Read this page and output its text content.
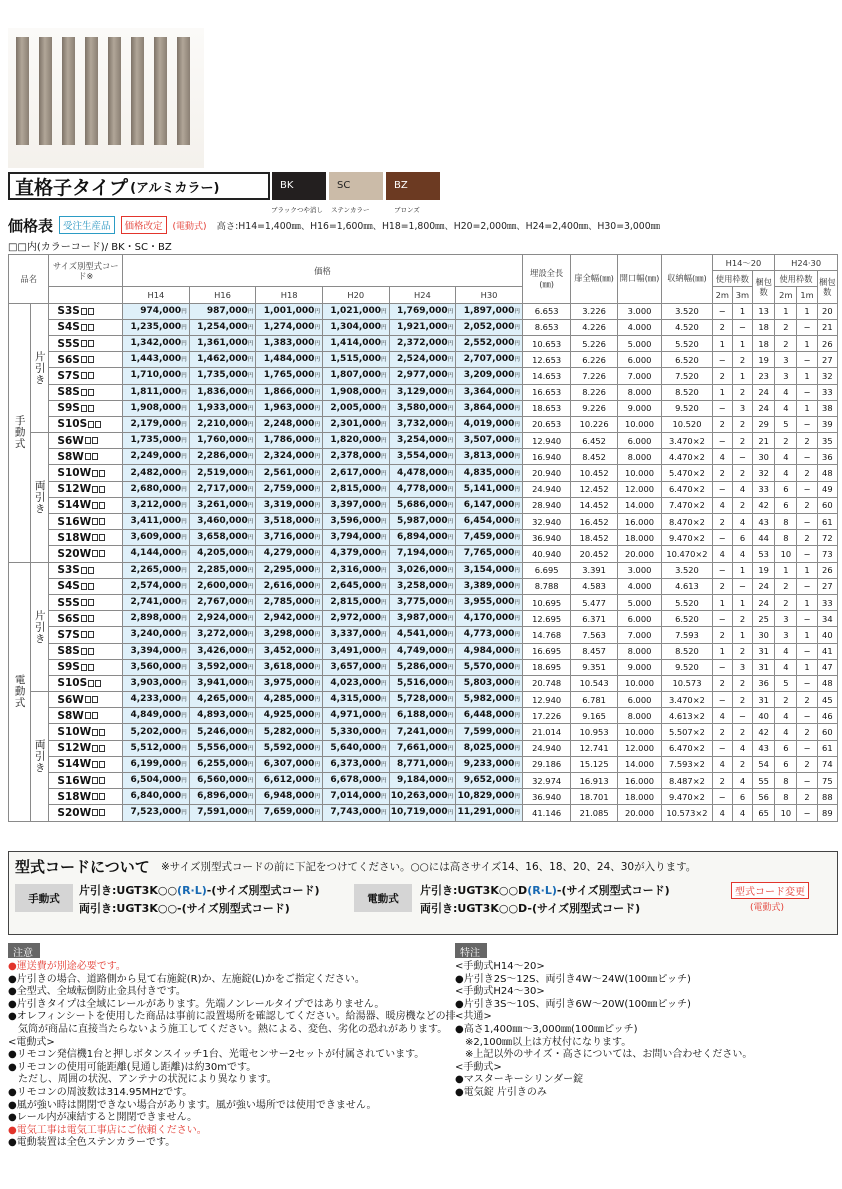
直格子タイプ (アルミカラー)	BK	SC	BZ
ブラックつや消し ステンカラー	ブロンズ
価格表	受注生産品	価格改定	(電動式) 高さ:H14=1,400㎜、H16=1,600㎜、H18=1,800㎜、H20=2,000㎜、H24=2,400㎜、H30=3,000㎜
□□内(カラーコード)/ BK・SC・BZ
品名		サイズ別型式コード※	価格						埋設全長(㎜)	扉全幅(㎜)	開口幅(㎜)	収納幅(㎜)	H14〜20			H24·30		
													使用枠数		梱包数	使用枠数		梱包数
			H14	H16	H18	H20	H24	H30					2m	3m		2m	1m	
手動式	片引き	S3S	974,000円	987,000円	1,001,000円	1,021,000円	1,769,000円	1,897,000円	6.653	3.226	3.000	3.520	−	1	13	1	1	20
		S4S	1,235,000円	1,254,000円	1,274,000円	1,304,000円	1,921,000円	2,052,000円	8.653	4.226	4.000	4.520	2	−	18	2	−	21
		S5S	1,342,000円	1,361,000円	1,383,000円	1,414,000円	2,372,000円	2,552,000円	10.653	5.226	5.000	5.520	1	1	18	2	1	26
		S6S	1,443,000円	1,462,000円	1,484,000円	1,515,000円	2,524,000円	2,707,000円	12.653	6.226	6.000	6.520	−	2	19	3	−	27
		S7S	1,710,000円	1,735,000円	1,765,000円	1,807,000円	2,977,000円	3,209,000円	14.653	7.226	7.000	7.520	2	1	23	3	1	32
		S8S	1,811,000円	1,836,000円	1,866,000円	1,908,000円	3,129,000円	3,364,000円	16.653	8.226	8.000	8.520	1	2	24	4	−	33
		S9S	1,908,000円	1,933,000円	1,963,000円	2,005,000円	3,580,000円	3,864,000円	18.653	9.226	9.000	9.520	−	3	24	4	1	38
		S10S	2,179,000円	2,210,000円	2,248,000円	2,301,000円	3,732,000円	4,019,000円	20.653	10.226	10.000	10.520	2	2	29	5	−	39
	両引き	S6W	1,735,000円	1,760,000円	1,786,000円	1,820,000円	3,254,000円	3,507,000円	12.940	6.452	6.000	3.470×2	−	2	21	2	2	35
		S8W	2,249,000円	2,286,000円	2,324,000円	2,378,000円	3,554,000円	3,813,000円	16.940	8.452	8.000	4.470×2	4	−	30	4	−	36
		S10W	2,482,000円	2,519,000円	2,561,000円	2,617,000円	4,478,000円	4,835,000円	20.940	10.452	10.000	5.470×2	2	2	32	4	2	48
		S12W	2,680,000円	2,717,000円	2,759,000円	2,815,000円	4,778,000円	5,141,000円	24.940	12.452	12.000	6.470×2	−	4	33	6	−	49
		S14W	3,212,000円	3,261,000円	3,319,000円	3,397,000円	5,686,000円	6,147,000円	28.940	14.452	14.000	7.470×2	4	2	42	6	2	60
		S16W	3,411,000円	3,460,000円	3,518,000円	3,596,000円	5,987,000円	6,454,000円	32.940	16.452	16.000	8.470×2	2	4	43	8	−	61
		S18W	3,609,000円	3,658,000円	3,716,000円	3,794,000円	6,894,000円	7,459,000円	36.940	18.452	18.000	9.470×2	−	6	44	8	2	72
		S20W	4,144,000円	4,205,000円	4,279,000円	4,379,000円	7,194,000円	7,765,000円	40.940	20.452	20.000	10.470×2	4	4	53	10	−	73
電動式	片引き	S3S	2,265,000円	2,285,000円	2,295,000円	2,316,000円	3,026,000円	3,154,000円	6.695	3.391	3.000	3.520	−	1	19	1	1	26
		S4S	2,574,000円	2,600,000円	2,616,000円	2,645,000円	3,258,000円	3,389,000円	8.788	4.583	4.000	4.613	2	−	24	2	−	27
		S5S	2,741,000円	2,767,000円	2,785,000円	2,815,000円	3,775,000円	3,955,000円	10.695	5.477	5.000	5.520	1	1	24	2	1	33
		S6S	2,898,000円	2,924,000円	2,942,000円	2,972,000円	3,987,000円	4,170,000円	12.695	6.371	6.000	6.520	−	2	25	3	−	34
		S7S	3,240,000円	3,272,000円	3,298,000円	3,337,000円	4,541,000円	4,773,000円	14.768	7.563	7.000	7.593	2	1	30	3	1	40
		S8S	3,394,000円	3,426,000円	3,452,000円	3,491,000円	4,749,000円	4,984,000円	16.695	8.457	8.000	8.520	1	2	31	4	−	41
		S9S	3,560,000円	3,592,000円	3,618,000円	3,657,000円	5,286,000円	5,570,000円	18.695	9.351	9.000	9.520	−	3	31	4	1	47
		S10S	3,903,000円	3,941,000円	3,975,000円	4,023,000円	5,516,000円	5,803,000円	20.748	10.543	10.000	10.573	2	2	36	5	−	48
	両引き	S6W	4,233,000円	4,265,000円	4,285,000円	4,315,000円	5,728,000円	5,982,000円	12.940	6.781	6.000	3.470×2	−	2	31	2	2	45
		S8W	4,849,000円	4,893,000円	4,925,000円	4,971,000円	6,188,000円	6,448,000円	17.226	9.165	8.000	4.613×2	4	−	40	4	−	46
		S10W	5,202,000円	5,246,000円	5,282,000円	5,330,000円	7,241,000円	7,599,000円	21.014	10.953	10.000	5.507×2	2	2	42	4	2	60
		S12W	5,512,000円	5,556,000円	5,592,000円	5,640,000円	7,661,000円	8,025,000円	24.940	12.741	12.000	6.470×2	−	4	43	6	−	61
		S14W	6,199,000円	6,255,000円	6,307,000円	6,373,000円	8,771,000円	9,233,000円	29.186	15.125	14.000	7.593×2	4	2	54	6	2	74
		S16W	6,504,000円	6,560,000円	6,612,000円	6,678,000円	9,184,000円	9,652,000円	32.974	16.913	16.000	8.487×2	2	4	55	8	−	75
		S18W	6,840,000円	6,896,000円	6,948,000円	7,014,000円	10,263,000円	10,829,000円	36.940	18.701	18.000	9.470×2	−	6	56	8	2	88
		S20W	7,523,000円	7,591,000円	7,659,000円	7,743,000円	10,719,000円	11,291,000円	41.146	21.085	20.000	10.573×2	4	4	65	10	−	89
型式コードについて ※サイズ別型式コードの前に下記をつけてください。○○には高さサイズ14、16、18、20、24、30が入ります。
手動式
片引き:UGT3K○○(R·L)-(サイズ別型式コード)
両引き:UGT3K○○-(サイズ別型式コード)
電動式
片引き:UGT3K○○D(R·L)-(サイズ別型式コード)
両引き:UGT3K○○D-(サイズ別型式コード)
型式コード変更
(電動式)
注意
●運送費が別途必要です。
●片引きの場合、道路側から見て右施錠(R)か、左施錠(L)かをご指定ください。
●全型式、全域転倒防止金具付きです。
●片引きタイプは全域にレールがあります。先端ノンレールタイプではありません。
●オレフィンシートを使用した商品は事前に設置場所を確認してください。給湯器、暖房機などの排
　気筒が商品に直接当たらないよう施工してください。熱による、変色、劣化の恐れがあります。
<電動式>
●リモコン発信機1台と押しボタンスイッチ1台、光電センサー2セットが付属されています。
●リモコンの使用可能距離(見通し距離)は約30mです。
　ただし、周囲の状況、アンテナの状況により異なります。
●リモコンの周波数は314.95MHzです。
●風が強い時は開閉できない場合があります。風が強い場所では使用できません。
●レール内が凍結すると開閉できません。
●電気工事は電気工事店にご依頼ください。
●電動装置は全色ステンカラーです。
特注
<手動式H14〜20>
●片引き2S〜12S、両引き4W〜24W(100㎜ピッチ)
<手動式H24〜30>
●片引き3S〜10S、両引き6W〜20W(100㎜ピッチ)
<共通>
●高さ1,400㎜〜3,000㎜(100㎜ピッチ)
　※2,100㎜以上は方杖付になります。
　※上記以外のサイズ・高さについては、お問い合わせください。
<手動式>
●マスターキーシリンダー錠
●電気錠 片引きのみ
